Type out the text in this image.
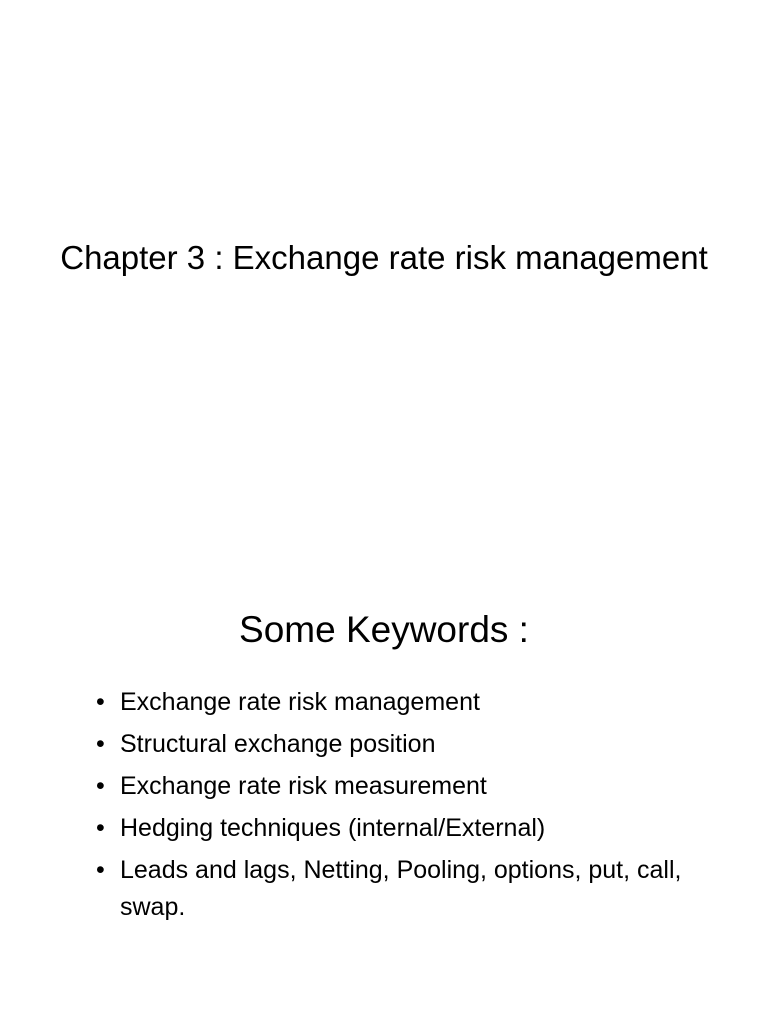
Chapter 3 : Exchange rate risk management
Some Keywords :
• Exchange rate risk management
• Structural exchange position
• Exchange rate risk measurement
• Hedging techniques (internal/External)
• Leads and lags, Netting, Pooling, options, put, call, swap.
